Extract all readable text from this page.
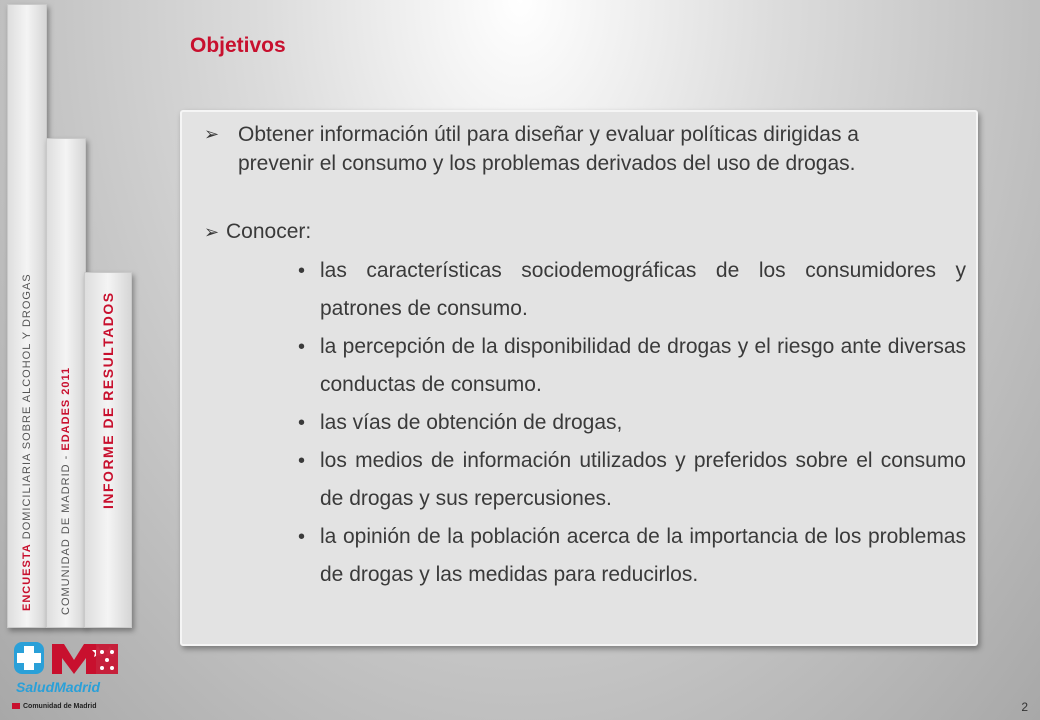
ENCUESTA DOMICILIARIA SOBRE ALCOHOL Y DROGAS COMUNIDAD DE MADRID - EDADES 2011 INFORME DE RESULTADOS
Objetivos
➢ Obtener información útil para diseñar y evaluar políticas dirigidas a prevenir el consumo y los problemas derivados del uso de drogas.
➢ Conocer:
• las características sociodemográficas de los consumidores y patrones de consumo.
• la percepción de la disponibilidad de drogas y el riesgo ante diversas conductas de consumo.
• las vías de obtención de drogas,
• los medios de información utilizados y preferidos sobre el consumo de drogas y sus repercusiones.
• la opinión de la población acerca de la importancia de los problemas de drogas y las medidas para reducirlos.
SaludMadrid
Comunidad de Madrid	2
